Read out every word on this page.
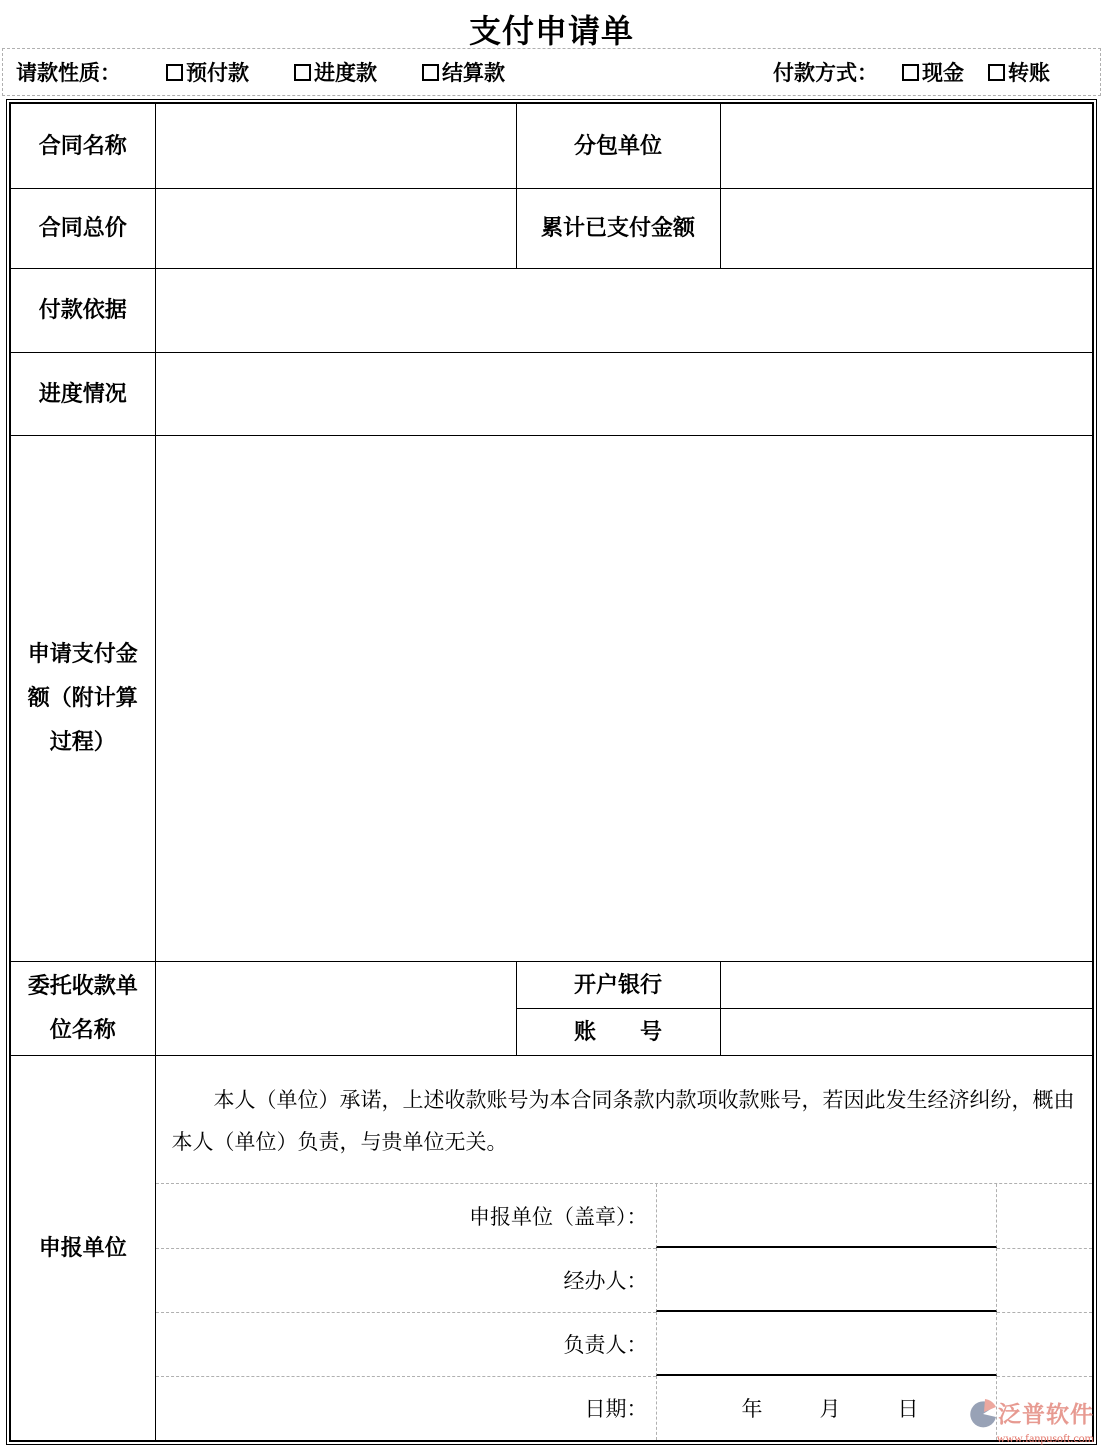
支付申请单
请款性质：	预付款	进度款	结算款	付款方式： 现金 转账
合同名称		分包单位	
合同总价		累计已支付金额	
付款依据			
进度情况			
申请支付金额（附计算过程）			
委托收款单位名称		开户银行	
		账　　号	
申报单位	
本人（单位）承诺，上述收款账号为本合同条款内款项收款账号，若因此发生经济纠纷，概由本人（单位）负责，与贵单位无关。
申报单位（盖章）：
经办人：
负责人：
日期：	年	月	日	泛普软件
www.fanpusoft.com
